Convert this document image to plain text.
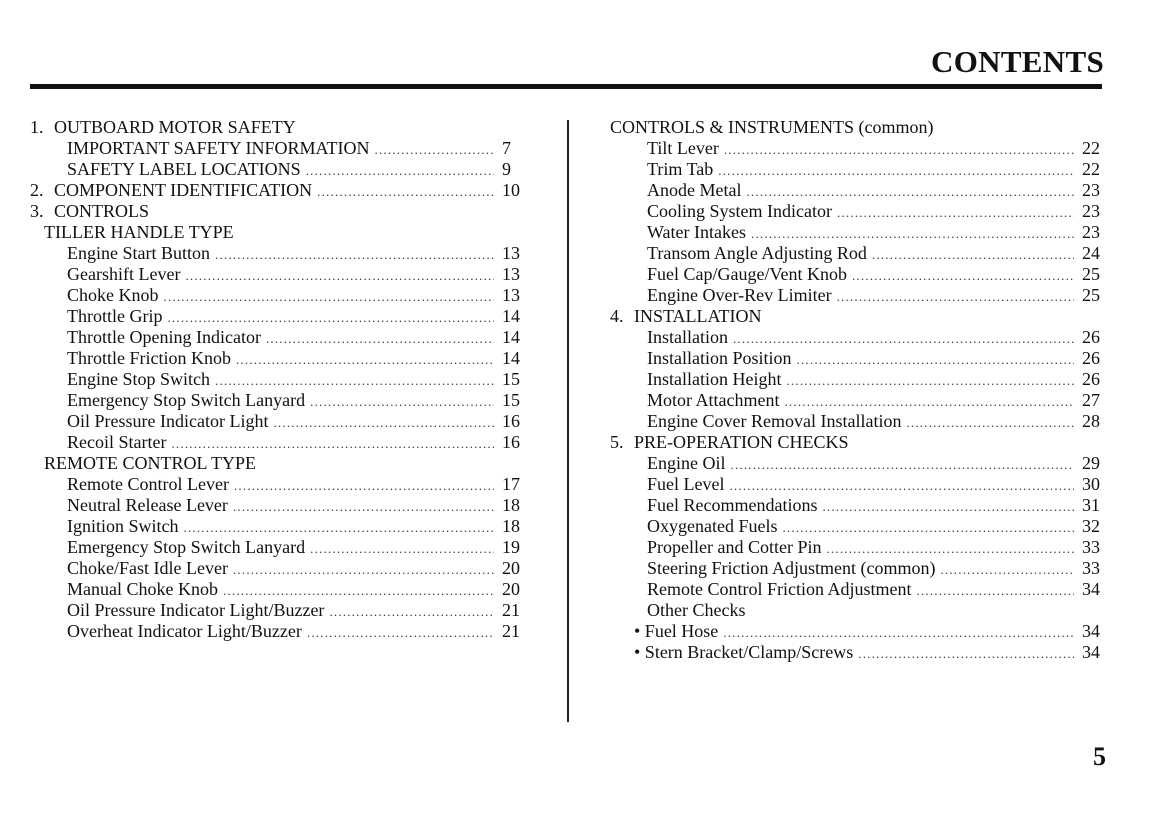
CONTENTS
1. OUTBOARD MOTOR SAFETY
IMPORTANT SAFETY INFORMATION .....	7
SAFETY LABEL LOCATIONS .....	9
2. COMPONENT IDENTIFICATION .....	10
3. CONTROLS
TILLER HANDLE TYPE
Engine Start Button .....	13
Gearshift Lever .....	13
Choke Knob .....	13
Throttle Grip .....	14
Throttle Opening Indicator .....	14
Throttle Friction Knob .....	14
Engine Stop Switch .....	15
Emergency Stop Switch Lanyard .....	15
Oil Pressure Indicator Light .....	16
Recoil Starter .....	16
REMOTE CONTROL TYPE
Remote Control Lever .....	17
Neutral Release Lever .....	18
Ignition Switch .....	18
Emergency Stop Switch Lanyard .....	19
Choke/Fast Idle Lever .....	20
Manual Choke Knob .....	20
Oil Pressure Indicator Light/Buzzer .....	21
Overheat Indicator Light/Buzzer .....	21
CONTROLS & INSTRUMENTS (common)
Tilt Lever .....	22
Trim Tab .....	22
Anode Metal .....	23
Cooling System Indicator .....	23
Water Intakes .....	23
Transom Angle Adjusting Rod .....	24
Fuel Cap/Gauge/Vent Knob .....	25
Engine Over-Rev Limiter .....	25
4. INSTALLATION
Installation .....	26
Installation Position .....	26
Installation Height .....	26
Motor Attachment .....	27
Engine Cover Removal Installation .....	28
5. PRE-OPERATION CHECKS
Engine Oil .....	29
Fuel Level .....	30
Fuel Recommendations .....	31
Oxygenated Fuels .....	32
Propeller and Cotter Pin .....	33
Steering Friction Adjustment (common) .....	33
Remote Control Friction Adjustment .....	34
Other Checks
• Fuel Hose .....	34
• Stern Bracket/Clamp/Screws .....	34
5
